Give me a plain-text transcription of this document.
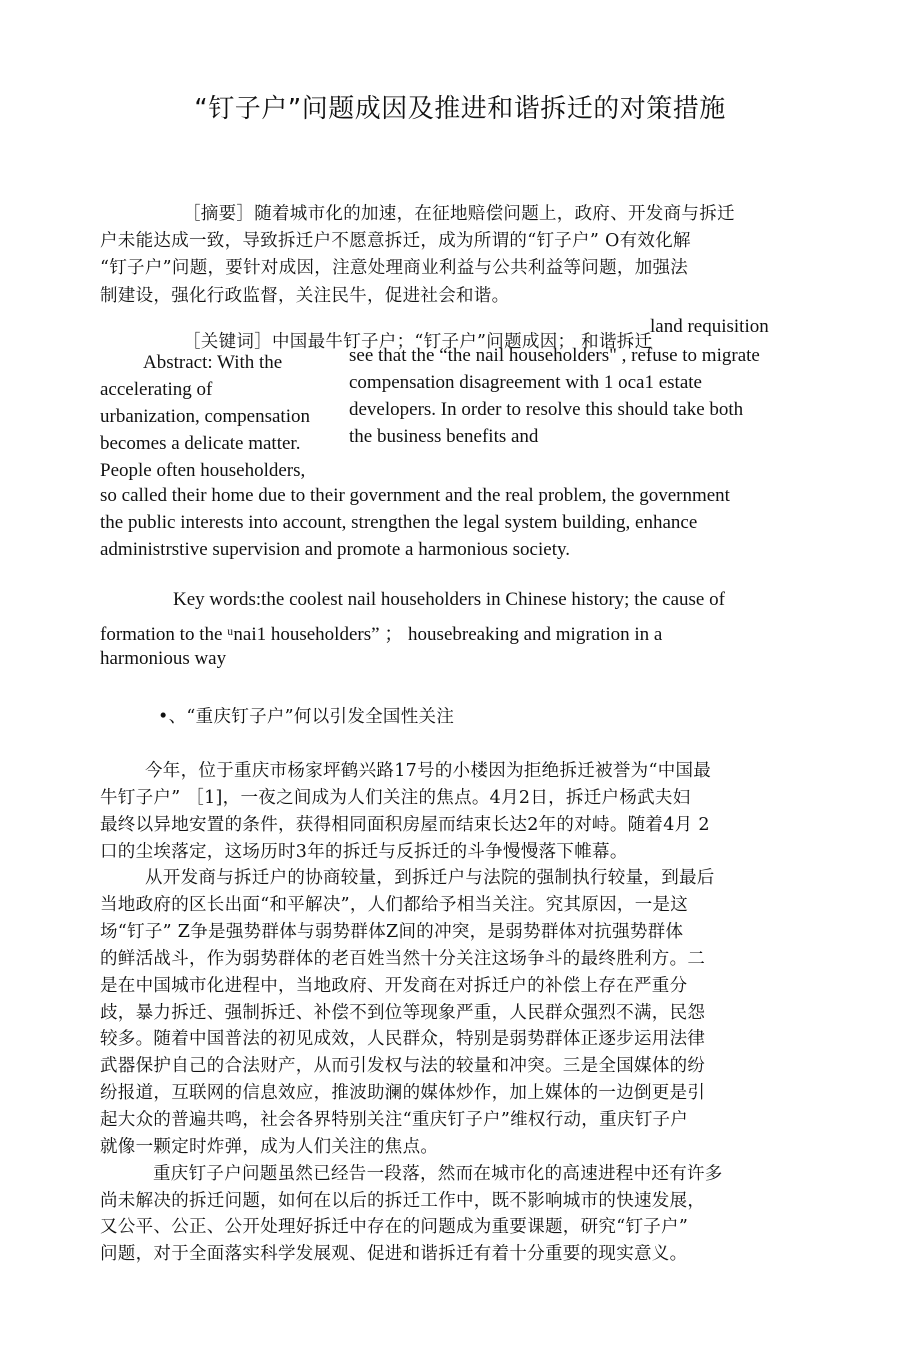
“钉子户”问题成因及推进和谐拆迁的对策措施
［摘要］随着城市化的加速，在征地赔偿问题上，政府、开发商与拆迁
户未能达成一致，导致拆迁户不愿意拆迁，成为所谓的“钉子户” O有效化解
“钉子户”问题，要针对成因，注意处理商业利益与公共利益等问题，加强法
制建设，强化行政监督，关注民牛，促进社会和谐。
［关键词］中国最牛钉子户；“钉子户”问题成因； 和谐拆迁
land requisition
Abstract: With the
accelerating of
urbanization, compensation
becomes a delicate matter.
People often householders,
see that the “the nail householders" , refuse to migrate
compensation disagreement with 1 oca1 estate
developers. In order to resolve this should take both
the business benefits and
so called their home due to their government and the real problem, the government
the public interests into account, strengthen the legal system building, enhance
administrstive supervision and promote a harmonious society.
Key words:the coolest nail householders in Chinese history; the cause of
formation to the ᵘnai1 householders” ； housebreaking and migration in a
harmonious way
•、“重庆钉子户”何以引发全国性关注
今年，位于重庆市杨家坪鹤兴路17号的小楼因为拒绝拆迁被誉为“中国最
牛钉子户” ［1]，一夜之间成为人们关注的焦点。4月2日，拆迁户杨武夫妇
最终以异地安置的条件，获得相同面积房屋而结束长达2年的对峙。随着4月 2
口的尘埃落定，这场历时3年的拆迁与反拆迁的斗争慢慢落下帷幕。
从开发商与拆迁户的协商较量，到拆迁户与法院的强制执行较量，到最后
当地政府的区长出面“和平解决”，人们都给予相当关注。究其原因，一是这
场“钉子” Z争是强势群体与弱势群体Z间的冲突，是弱势群体对抗强势群体
的鲜活战斗，作为弱势群体的老百姓当然十分关注这场争斗的最终胜利方。二
是在中国城市化进程中，当地政府、开发商在对拆迁户的补偿上存在严重分
歧，暴力拆迁、强制拆迁、补偿不到位等现象严重，人民群众强烈不满，民怨
较多。随着中国普法的初见成效，人民群众，特别是弱势群体正逐步运用法律
武器保护自己的合法财产，从而引发权与法的较量和冲突。三是全国媒体的纷
纷报道，互联网的信息效应，推波助澜的媒体炒作，加上媒体的一边倒更是引
起大众的普遍共鸣，社会各界特别关注“重庆钉子户”维权行动，重庆钉子户
就像一颗定时炸弹，成为人们关注的焦点。
重庆钉子户问题虽然已经告一段落，然而在城市化的高速进程中还有许多
尚未解决的拆迁问题，如何在以后的拆迁工作中，既不影响城市的快速发展，
又公平、公正、公开处理好拆迁中存在的问题成为重要课题，研究“钉子户”
问题，对于全面落实科学发展观、促进和谐拆迁有着十分重要的现实意义。
